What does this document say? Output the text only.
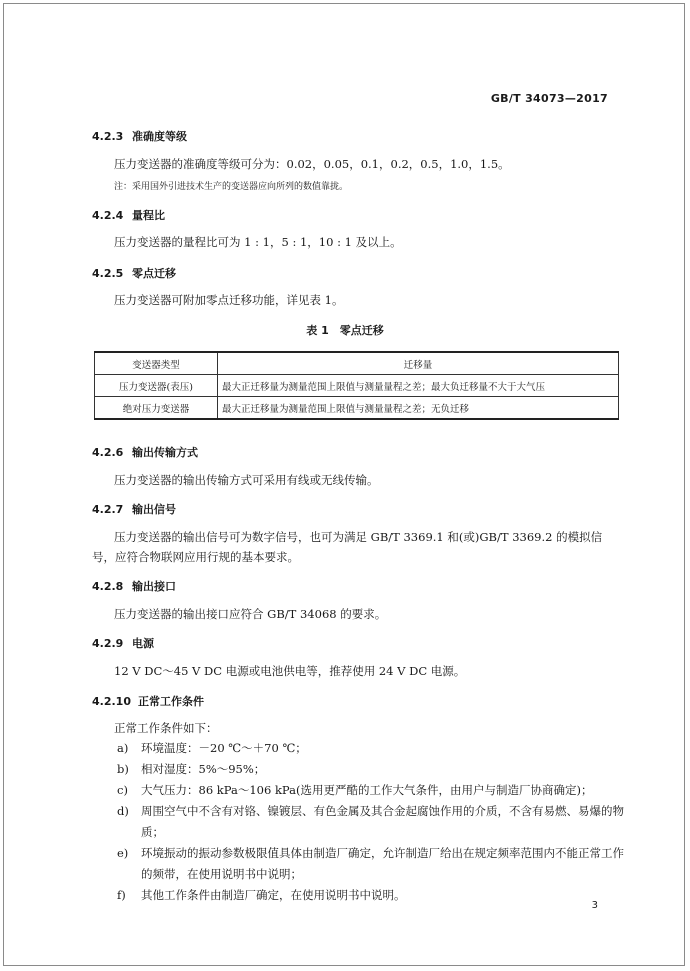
GB/T 34073—2017
4.2.3 准确度等级
压力变送器的准确度等级可分为：0.02，0.05，0.1，0.2，0.5，1.0，1.5。
注：采用国外引进技术生产的变送器应向所列的数值靠拢。
4.2.4 量程比
压力变送器的量程比可为 1 : 1，5 : 1，10 : 1 及以上。
4.2.5 零点迁移
压力变送器可附加零点迁移功能，详见表 1。
表 1　零点迁移
变送器类型	迁移量
压力变送器(表压)	最大正迁移量为测量范围上限值与测量量程之差；最大负迁移量不大于大气压
绝对压力变送器	最大正迁移量为测量范围上限值与测量量程之差；无负迁移
4.2.6 输出传输方式
压力变送器的输出传输方式可采用有线或无线传输。
4.2.7 输出信号
压力变送器的输出信号可为数字信号，也可为满足 GB/T 3369.1 和(或)GB/T 3369.2 的模拟信
号，应符合物联网应用行规的基本要求。
4.2.8 输出接口
压力变送器的输出接口应符合 GB/T 34068 的要求。
4.2.9 电源
12 V DC～45 V DC 电源或电池供电等，推荐使用 24 V DC 电源。
4.2.10 正常工作条件
正常工作条件如下：
a) 环境温度：－20 ℃～＋70 ℃；
b) 相对湿度：5%～95%；
c) 大气压力：86 kPa～106 kPa(选用更严酷的工作大气条件，由用户与制造厂协商确定)；
d) 周围空气中不含有对铬、镍镀层、有色金属及其合金起腐蚀作用的介质，不含有易燃、易爆的物质；
e) 环境振动的振动参数极限值具体由制造厂确定，允许制造厂给出在规定频率范围内不能正常工作的频带，在使用说明书中说明；
f) 其他工作条件由制造厂确定，在使用说明书中说明。
3
